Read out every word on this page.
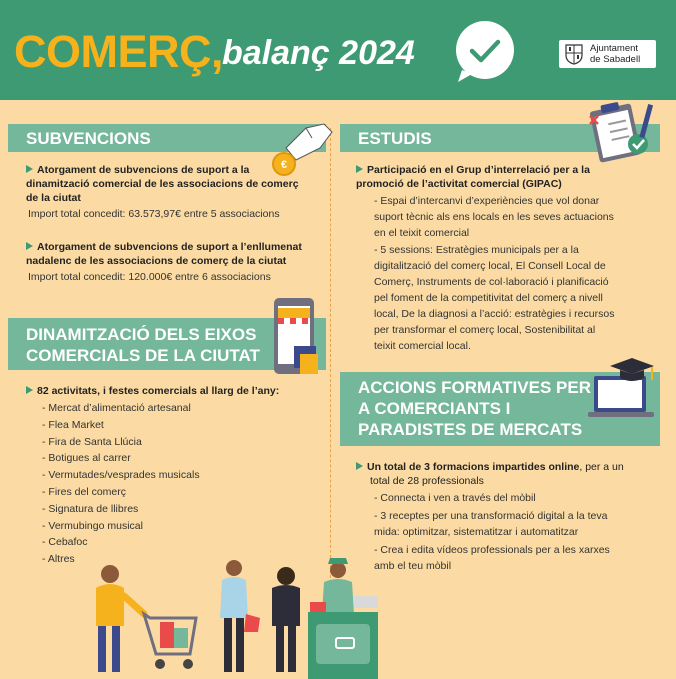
COMERÇ, balanç 2024	Ajuntament
de Sabadell
SUBVENCIONS
€
Atorgament de subvencions de suport a la
dinamització comercial de les associacions de comerç
de la ciutat
Import total concedit: 63.573,97€ entre 5 associacions
Atorgament de subvencions de suport a l’enllumenat
nadalenc de les associacions de comerç de la ciutat
Import total concedit: 120.000€ entre 6 associacions
DINAMITZACIÓ DELS EIXOS
COMERCIALS DE LA CIUTAT
82 activitats, i festes comercials al llarg de l’any:
- Mercat d’alimentació artesanal
- Flea Market
- Fira de Santa Llúcia
- Botigues al carrer
- Vermutades/vesprades musicals
- Fires del comerç
- Signatura de llibres
- Vermubingo musical
- Cebafoc
- Altres
ESTUDIS
Participació en el Grup d’interrelació per a la
promoció de l’activitat comercial (GIPAC)
- Espai d’intercanvi d’experiències que vol donar
suport tècnic als ens locals en les seves actuacions
en el teixit comercial
- 5 sessions: Estratègies municipals per a la
digitalització del comerç local, El Consell Local de
Comerç, Instruments de col·laboració i planificació
pel foment de la competitivitat del comerç a nivell
local, De la diagnosi a l’acció: estratègies i recursos
per transformar el comerç local, Sostenibilitat al
teixit comercial local.
ACCIONS FORMATIVES PER
A COMERCIANTS I
PARADISTES DE MERCATS
Un total de 3 formacions impartides online, per a un
total de 28 professionals
- Connecta i ven a través del mòbil
- 3 receptes per una transformació digital a la teva
mida: optimitzar, sistematitzar i automatitzar
- Crea i edita vídeos professionals per a les xarxes
amb el teu mòbil
